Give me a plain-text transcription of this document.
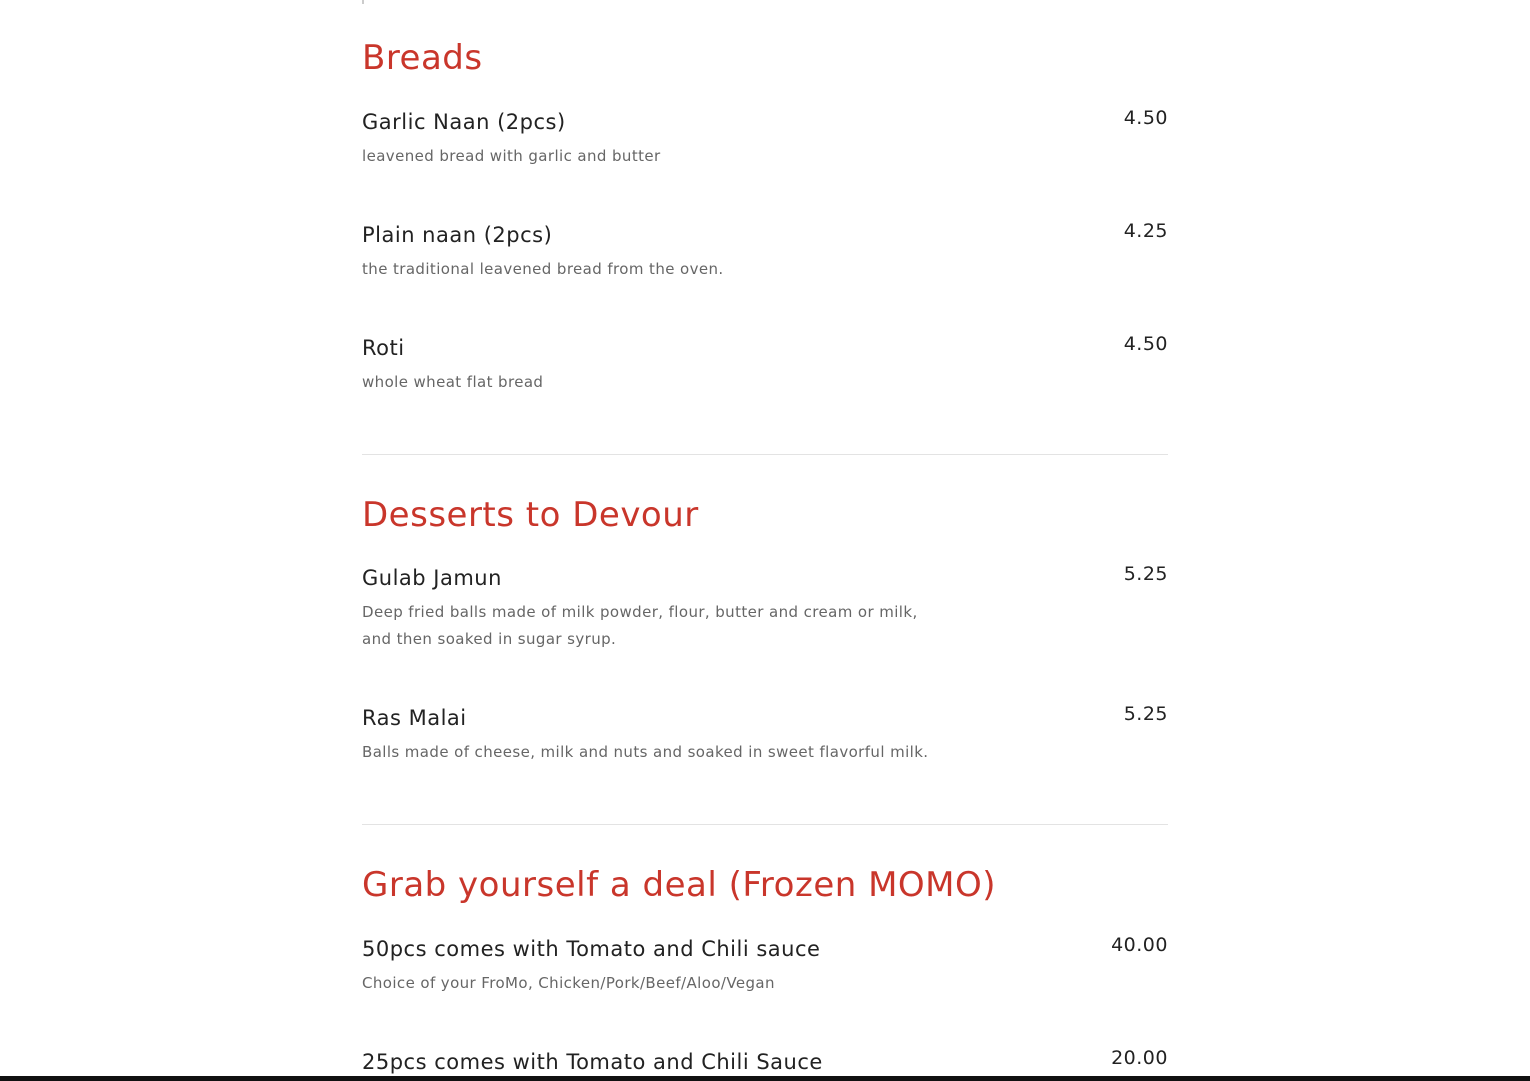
Breads
Garlic Naan (2pcs)	4.50
leavened bread with garlic and butter
Plain naan (2pcs)	4.25
the traditional leavened bread from the oven.
Roti	4.50
whole wheat flat bread
Desserts to Devour
Gulab Jamun	5.25
Deep fried balls made of milk powder, flour, butter and cream or milk, and then soaked in sugar syrup.
Ras Malai	5.25
Balls made of cheese, milk and nuts and soaked in sweet flavorful milk.
Grab yourself a deal (Frozen MOMO)
50pcs comes with Tomato and Chili sauce	40.00
Choice of your FroMo, Chicken/Pork/Beef/Aloo/Vegan
25pcs comes with Tomato and Chili Sauce	20.00
